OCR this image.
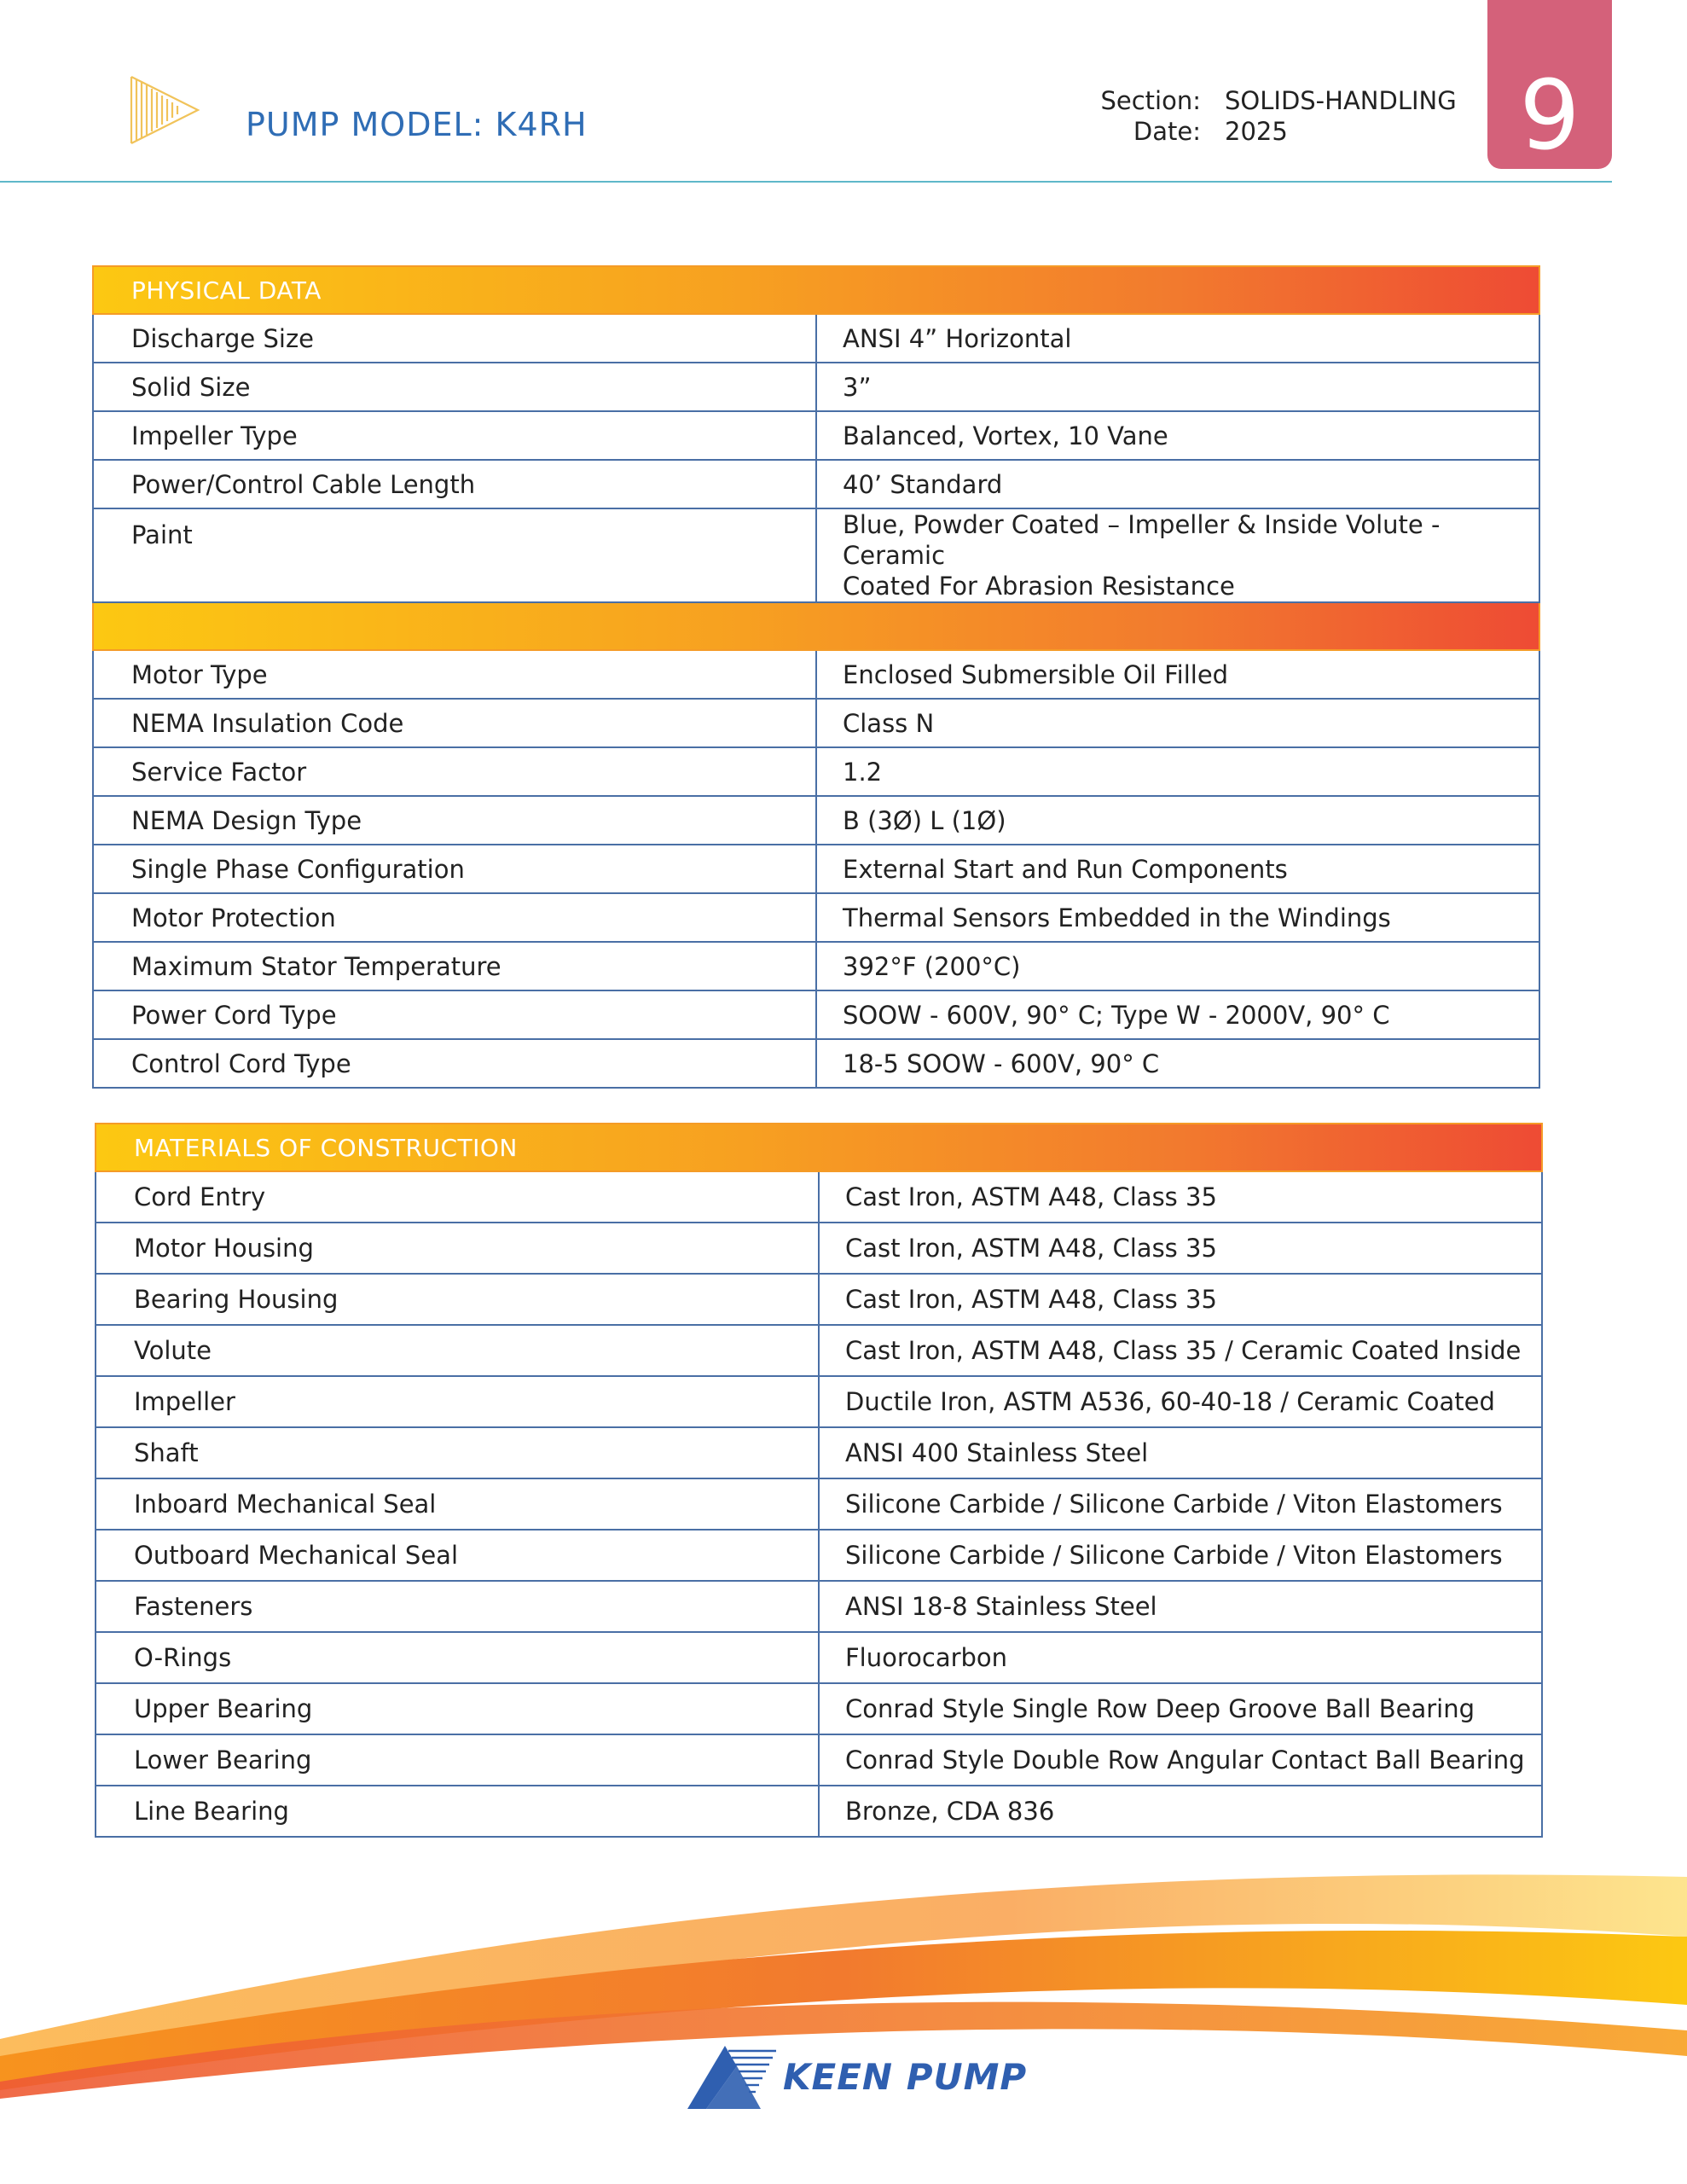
PUMP MODEL: K4RH
Section:
Date:
SOLIDS-HANDLING
2025	9
PHYSICAL DATA	
Discharge Size	ANSI 4” Horizontal
Solid Size	3”
Impeller Type	Balanced, Vortex, 10 Vane
Power/Control Cable Length	40’ Standard
Paint	Blue, Powder Coated – Impeller & Inside Volute - Ceramic
Coated For Abrasion Resistance

Motor Type	Enclosed Submersible Oil Filled
NEMA Insulation Code	Class N
Service Factor	1.2
NEMA Design Type	B (3Ø) L (1Ø)
Single Phase Configuration	External Start and Run Components
Motor Protection	Thermal Sensors Embedded in the Windings
Maximum Stator Temperature	392°F (200°C)
Power Cord Type	SOOW - 600V, 90° C; Type W - 2000V, 90° C
Control Cord Type	18-5 SOOW - 600V, 90° C
MATERIALS OF CONSTRUCTION	
Cord Entry	Cast Iron, ASTM A48, Class 35
Motor Housing	Cast Iron, ASTM A48, Class 35
Bearing Housing	Cast Iron, ASTM A48, Class 35
Volute	Cast Iron, ASTM A48, Class 35 / Ceramic Coated Inside
Impeller	Ductile Iron, ASTM A536, 60-40-18 / Ceramic Coated
Shaft	ANSI 400 Stainless Steel
Inboard Mechanical Seal	Silicone Carbide / Silicone Carbide / Viton Elastomers
Outboard Mechanical Seal	Silicone Carbide / Silicone Carbide / Viton Elastomers
Fasteners	ANSI 18-8 Stainless Steel
O-Rings	Fluorocarbon
Upper Bearing	Conrad Style Single Row Deep Groove Ball Bearing
Lower Bearing	Conrad Style Double Row Angular Contact Ball Bearing
Line Bearing	Bronze, CDA 836
KEEN PUMP
